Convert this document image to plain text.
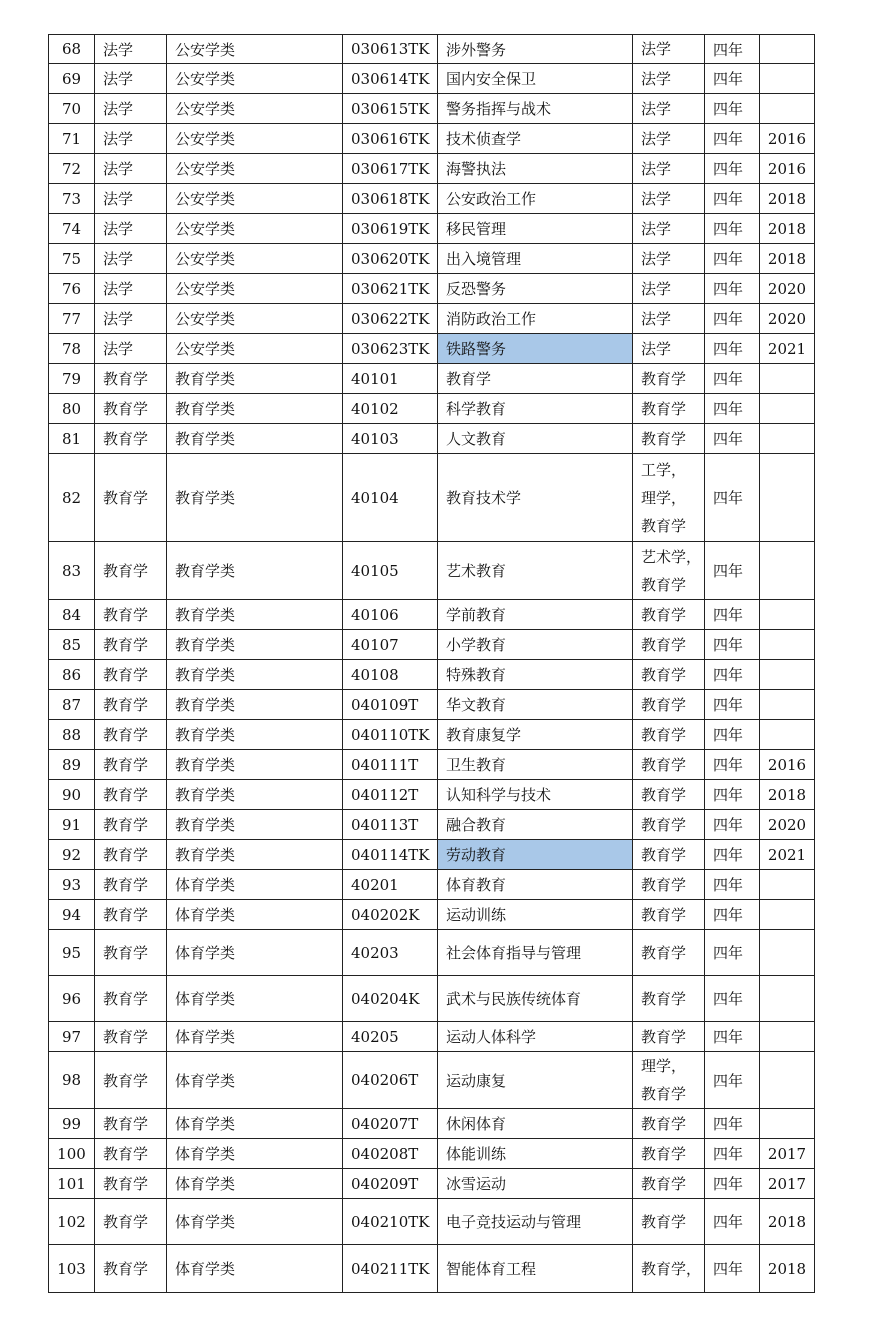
68	法学	公安学类	030613TK	涉外警务	法学	四年	
69	法学	公安学类	030614TK	国内安全保卫	法学	四年	
70	法学	公安学类	030615TK	警务指挥与战术	法学	四年	
71	法学	公安学类	030616TK	技术侦查学	法学	四年	2016
72	法学	公安学类	030617TK	海警执法	法学	四年	2016
73	法学	公安学类	030618TK	公安政治工作	法学	四年	2018
74	法学	公安学类	030619TK	移民管理	法学	四年	2018
75	法学	公安学类	030620TK	出入境管理	法学	四年	2018
76	法学	公安学类	030621TK	反恐警务	法学	四年	2020
77	法学	公安学类	030622TK	消防政治工作	法学	四年	2020
78	法学	公安学类	030623TK	铁路警务	法学	四年	2021
79	教育学	教育学类	40101	教育学	教育学	四年	
80	教育学	教育学类	40102	科学教育	教育学	四年	
81	教育学	教育学类	40103	人文教育	教育学	四年	
82	教育学	教育学类	40104	教育技术学	工学，
理学，
教育学	四年	
83	教育学	教育学类	40105	艺术教育	艺术学，
教育学	四年	
84	教育学	教育学类	40106	学前教育	教育学	四年	
85	教育学	教育学类	40107	小学教育	教育学	四年	
86	教育学	教育学类	40108	特殊教育	教育学	四年	
87	教育学	教育学类	040109T	华文教育	教育学	四年	
88	教育学	教育学类	040110TK	教育康复学	教育学	四年	
89	教育学	教育学类	040111T	卫生教育	教育学	四年	2016
90	教育学	教育学类	040112T	认知科学与技术	教育学	四年	2018
91	教育学	教育学类	040113T	融合教育	教育学	四年	2020
92	教育学	教育学类	040114TK	劳动教育	教育学	四年	2021
93	教育学	体育学类	40201	体育教育	教育学	四年	
94	教育学	体育学类	040202K	运动训练	教育学	四年	
95	教育学	体育学类	40203	社会体育指导与管理	教育学	四年	
96	教育学	体育学类	040204K	武术与民族传统体育	教育学	四年	
97	教育学	体育学类	40205	运动人体科学	教育学	四年	
98	教育学	体育学类	040206T	运动康复	理学，
教育学	四年	
99	教育学	体育学类	040207T	休闲体育	教育学	四年	
100	教育学	体育学类	040208T	体能训练	教育学	四年	2017
101	教育学	体育学类	040209T	冰雪运动	教育学	四年	2017
102	教育学	体育学类	040210TK	电子竞技运动与管理	教育学	四年	2018
103	教育学	体育学类	040211TK	智能体育工程	教育学，	四年	2018
